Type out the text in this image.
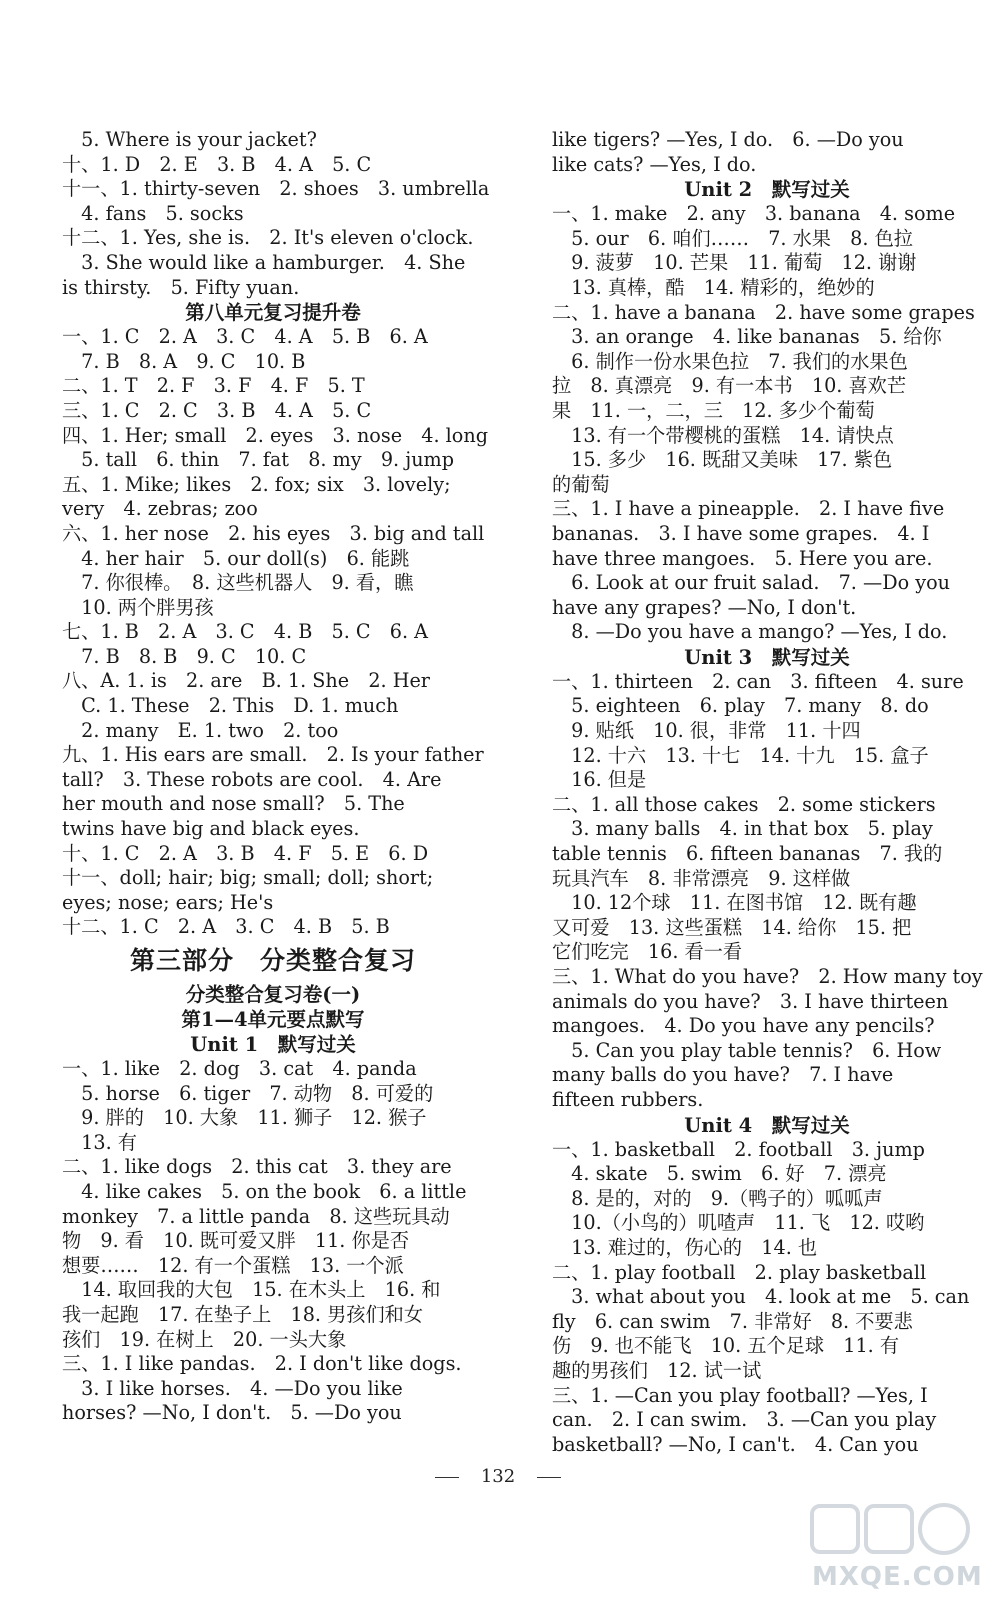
　5. Where is your jacket?
十、1. D　2. E　3. B　4. A　5. C
十一、1. thirty-seven　2. shoes　3. umbrella
　4. fans　5. socks
十二、1. Yes, she is.　2. It's eleven o'clock.
　3. She would like a hamburger.　4. She
is thirsty.　5. Fifty yuan.
第八单元复习提升卷
一、1. C　2. A　3. C　4. A　5. B　6. A
　7. B　8. A　9. C　10. B
二、1. T　2. F　3. F　4. F　5. T
三、1. C　2. C　3. B　4. A　5. C
四、1. Her; small　2. eyes　3. nose　4. long
　5. tall　6. thin　7. fat　8. my　9. jump
五、1. Mike; likes　2. fox; six　3. lovely;
very　4. zebras; zoo
六、1. her nose　2. his eyes　3. big and tall
　4. her hair　5. our doll(s)　6. 能跳
　7. 你很棒。　8. 这些机器人　9. 看，瞧
　10. 两个胖男孩
七、1. B　2. A　3. C　4. B　5. C　6. A
　7. B　8. B　9. C　10. C
八、A. 1. is　2. are　B. 1. She　2. Her
　C. 1. These　2. This　D. 1. much
　2. many　E. 1. two　2. too
九、1. His ears are small.　2. Is your father
tall?　3. These robots are cool.　4. Are
her mouth and nose small?　5. The
twins have big and black eyes.
十、1. C　2. A　3. B　4. F　5. E　6. D
十一、doll; hair; big; small; doll; short;
eyes; nose; ears; He's
十二、1. C　2. A　3. C　4. B　5. B
第三部分　分类整合复习
分类整合复习卷(一)
第1—4单元要点默写
Unit 1　默写过关
一、1. like　2. dog　3. cat　4. panda
　5. horse　6. tiger　7. 动物　8. 可爱的
　9. 胖的　10. 大象　11. 狮子　12. 猴子
　13. 有
二、1. like dogs　2. this cat　3. they are
　4. like cakes　5. on the book　6. a little
monkey　7. a little panda　8. 这些玩具动
物　9. 看　10. 既可爱又胖　11. 你是否
想要……　12. 有一个蛋糕　13. 一个派
　14. 取回我的大包　15. 在木头上　16. 和
我一起跑　17. 在垫子上　18. 男孩们和女
孩们　19. 在树上　20. 一头大象
三、1. I like pandas.　2. I don't like dogs.
　3. I like horses.　4. —Do you like
horses? —No, I don't.　5. —Do you
like tigers? —Yes, I do.　6. —Do you
like cats? —Yes, I do.
Unit 2　默写过关
一、1. make　2. any　3. banana　4. some
　5. our　6. 咱们……　7. 水果　8. 色拉
　9. 菠萝　10. 芒果　11. 葡萄　12. 谢谢
　13. 真棒，酷　14. 精彩的，绝妙的
二、1. have a banana　2. have some grapes
　3. an orange　4. like bananas　5. 给你
　6. 制作一份水果色拉　7. 我们的水果色
拉　8. 真漂亮　9. 有一本书　10. 喜欢芒
果　11. 一，二，三　12. 多少个葡萄
　13. 有一个带樱桃的蛋糕　14. 请快点
　15. 多少　16. 既甜又美味　17. 紫色
的葡萄
三、1. I have a pineapple.　2. I have five
bananas.　3. I have some grapes.　4. I
have three mangoes.　5. Here you are.
　6. Look at our fruit salad.　7. —Do you
have any grapes? —No, I don't.
　8. —Do you have a mango? —Yes, I do.
Unit 3　默写过关
一、1. thirteen　2. can　3. fifteen　4. sure
　5. eighteen　6. play　7. many　8. do
　9. 贴纸　10. 很，非常　11. 十四
　12. 十六　13. 十七　14. 十九　15. 盒子
　16. 但是
二、1. all those cakes　2. some stickers
　3. many balls　4. in that box　5. play
table tennis　6. fifteen bananas　7. 我的
玩具汽车　8. 非常漂亮　9. 这样做
　10. 12个球　11. 在图书馆　12. 既有趣
又可爱　13. 这些蛋糕　14. 给你　15. 把
它们吃完　16. 看一看
三、1. What do you have?　2. How many toy
animals do you have?　3. I have thirteen
mangoes.　4. Do you have any pencils?
　5. Can you play table tennis?　6. How
many balls do you have?　7. I have
fifteen rubbers.
Unit 4　默写过关
一、1. basketball　2. football　3. jump
　4. skate　5. swim　6. 好　7. 漂亮
　8. 是的，对的　9.（鸭子的）呱呱声
　10.（小鸟的）叽喳声　11. 飞　12. 哎哟
　13. 难过的，伤心的　14. 也
二、1. play football　2. play basketball
　3. what about you　4. look at me　5. can
fly　6. can swim　7. 非常好　8. 不要悲
伤　9. 也不能飞　10. 五个足球　11. 有
趣的男孩们　12. 试一试
三、1. —Can you play football? —Yes, I
can.　2. I can swim.　3. —Can you play
basketball? —No, I can't.　4. Can you
132
MXQE.COM
